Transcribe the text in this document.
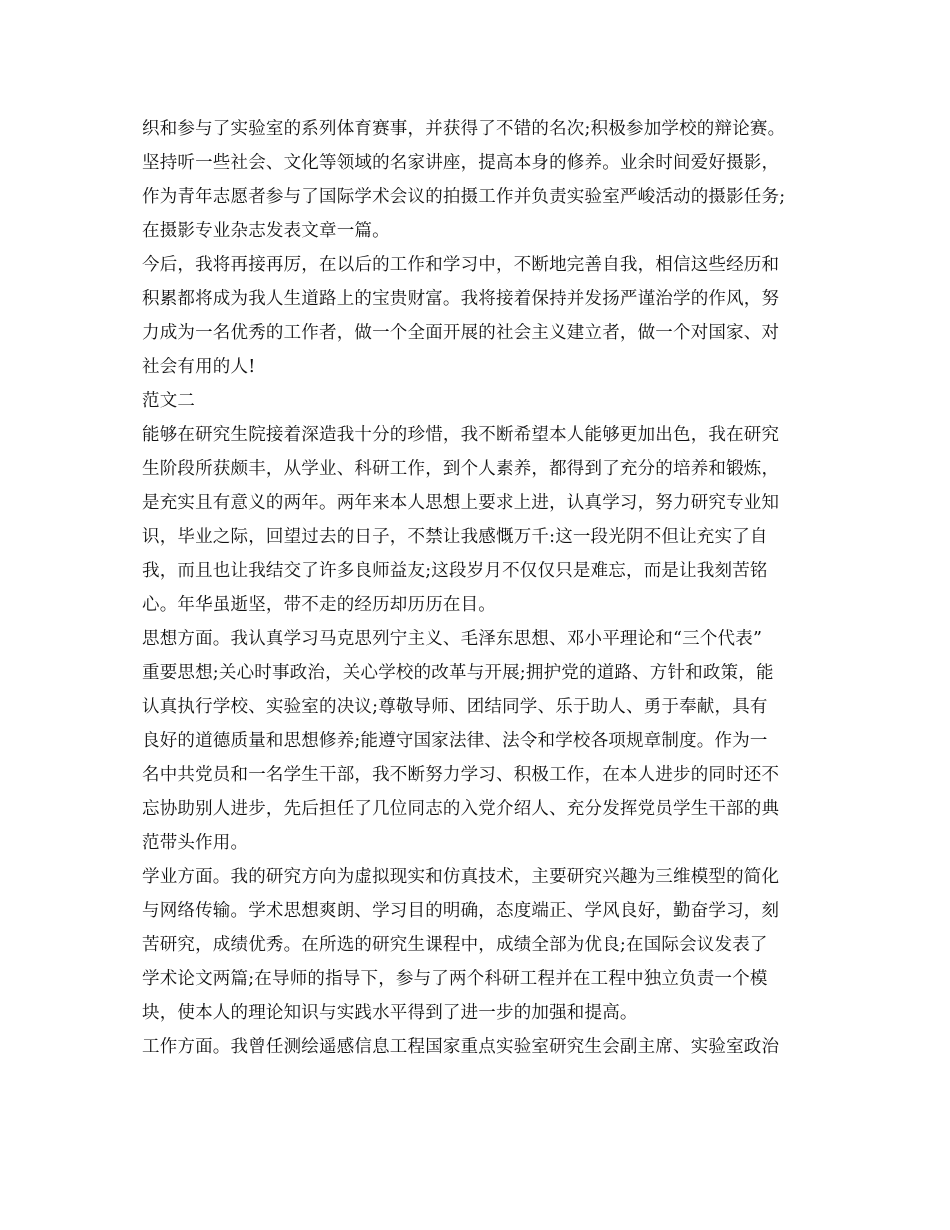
织和参与了实验室的系列体育赛事，并获得了不错的名次;积极参加学校的辩论赛。
坚持听一些社会、文化等领域的名家讲座，提高本身的修养。业余时间爱好摄影，
作为青年志愿者参与了国际学术会议的拍摄工作并负责实验室严峻活动的摄影任务;
在摄影专业杂志发表文章一篇。
今后，我将再接再厉，在以后的工作和学习中，不断地完善自我，相信这些经历和
积累都将成为我人生道路上的宝贵财富。我将接着保持并发扬严谨治学的作风，努
力成为一名优秀的工作者，做一个全面开展的社会主义建立者，做一个对国家、对
社会有用的人!
范文二
能够在研究生院接着深造我十分的珍惜，我不断希望本人能够更加出色，我在研究
生阶段所获颇丰，从学业、科研工作，到个人素养，都得到了充分的培养和锻炼，
是充实且有意义的两年。两年来本人思想上要求上进，认真学习，努力研究专业知
识，毕业之际，回望过去的日子，不禁让我感慨万千:这一段光阴不但让充实了自
我，而且也让我结交了许多良师益友;这段岁月不仅仅只是难忘，而是让我刻苦铭
心。年华虽逝坚，带不走的经历却历历在目。
思想方面。我认真学习马克思列宁主义、毛泽东思想、邓小平理论和“三个代表”
重要思想;关心时事政治，关心学校的改革与开展;拥护党的道路、方针和政策，能
认真执行学校、实验室的决议;尊敬导师、团结同学、乐于助人、勇于奉献，具有
良好的道德质量和思想修养;能遵守国家法律、法令和学校各项规章制度。作为一
名中共党员和一名学生干部，我不断努力学习、积极工作，在本人进步的同时还不
忘协助别人进步，先后担任了几位同志的入党介绍人、充分发挥党员学生干部的典
范带头作用。
学业方面。我的研究方向为虚拟现实和仿真技术，主要研究兴趣为三维模型的简化
与网络传输。学术思想爽朗、学习目的明确，态度端正、学风良好，勤奋学习，刻
苦研究，成绩优秀。在所选的研究生课程中，成绩全部为优良;在国际会议发表了
学术论文两篇;在导师的指导下，参与了两个科研工程并在工程中独立负责一个模
块，使本人的理论知识与实践水平得到了进一步的加强和提高。
工作方面。我曾任测绘遥感信息工程国家重点实验室研究生会副主席、实验室政治
